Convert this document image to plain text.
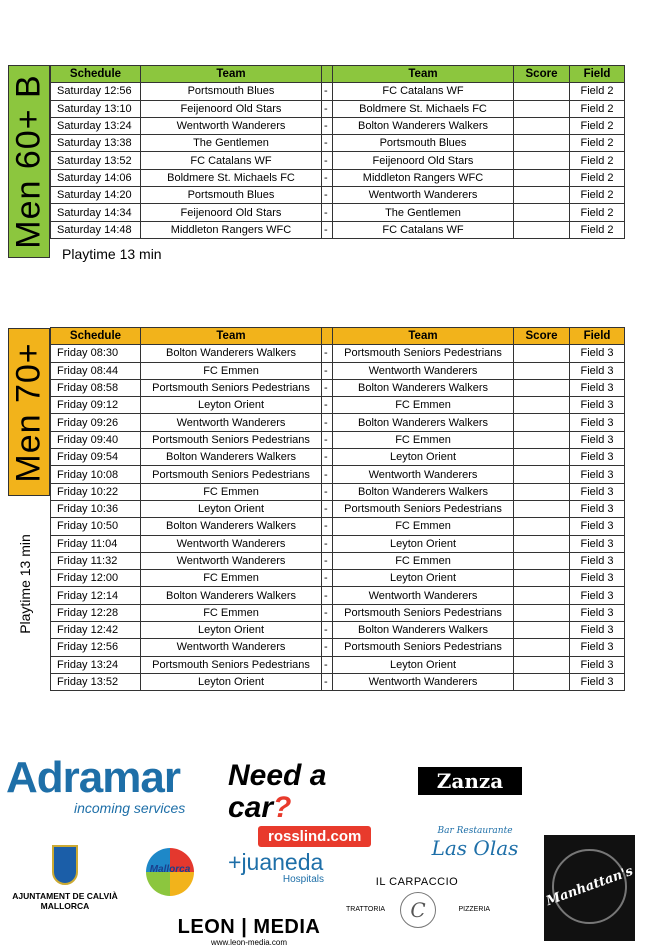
Men 60+ B
Schedule	Team		Team	Score	Field
Saturday 12:56	Portsmouth Blues	-	FC Catalans WF		Field 2
Saturday 13:10	Feijenoord Old Stars	-	Boldmere St. Michaels FC		Field 2
Saturday 13:24	Wentworth Wanderers	-	Bolton Wanderers Walkers		Field 2
Saturday 13:38	The Gentlemen	-	Portsmouth Blues		Field 2
Saturday 13:52	FC Catalans WF	-	Feijenoord Old Stars		Field 2
Saturday 14:06	Boldmere St. Michaels FC	-	Middleton Rangers WFC		Field 2
Saturday 14:20	Portsmouth Blues	-	Wentworth Wanderers		Field 2
Saturday 14:34	Feijenoord Old Stars	-	The Gentlemen		Field 2
Saturday 14:48	Middleton Rangers WFC	-	FC Catalans WF		Field 2
Playtime 13 min
Men 70+
Schedule	Team		Team	Score	Field
Friday 08:30	Bolton Wanderers Walkers	-	Portsmouth Seniors Pedestrians		Field 3
Friday 08:44	FC Emmen	-	Wentworth Wanderers		Field 3
Friday 08:58	Portsmouth Seniors Pedestrians	-	Bolton Wanderers Walkers		Field 3
Friday 09:12	Leyton Orient	-	FC Emmen		Field 3
Friday 09:26	Wentworth Wanderers	-	Bolton Wanderers Walkers		Field 3
Friday 09:40	Portsmouth Seniors Pedestrians	-	FC Emmen		Field 3
Friday 09:54	Bolton Wanderers Walkers	-	Leyton Orient		Field 3
Friday 10:08	Portsmouth Seniors Pedestrians	-	Wentworth Wanderers		Field 3
Friday 10:22	FC Emmen	-	Bolton Wanderers Walkers		Field 3
Friday 10:36	Leyton Orient	-	Portsmouth Seniors Pedestrians		Field 3
Friday 10:50	Bolton Wanderers Walkers	-	FC Emmen		Field 3
Friday 11:04	Wentworth Wanderers	-	Leyton Orient		Field 3
Friday 11:32	Wentworth Wanderers	-	FC Emmen		Field 3
Friday 12:00	FC Emmen	-	Leyton Orient		Field 3
Friday 12:14	Bolton Wanderers Walkers	-	Wentworth Wanderers		Field 3
Friday 12:28	FC Emmen	-	Portsmouth Seniors Pedestrians		Field 3
Friday 12:42	Leyton Orient	-	Bolton Wanderers Walkers		Field 3
Friday 12:56	Wentworth Wanderers	-	Portsmouth Seniors Pedestrians		Field 3
Friday 13:24	Portsmouth Seniors Pedestrians	-	Leyton Orient		Field 3
Friday 13:52	Leyton Orient	-	Wentworth Wanderers		Field 3
Playtime 13 min
Adramar
incoming services
Need a car?
rosslind.com
Zanza Bar
AJUNTAMENT DE CALVIÀ
MALLORCA
Mallorca	+juaneda
Hospitals
Bar Restaurante
Las Olas
IL CARPACCIO
TRATTORIA	PIZZERIA
C
Manhattan's

LEON | MEDIA
www.leon-media.com
